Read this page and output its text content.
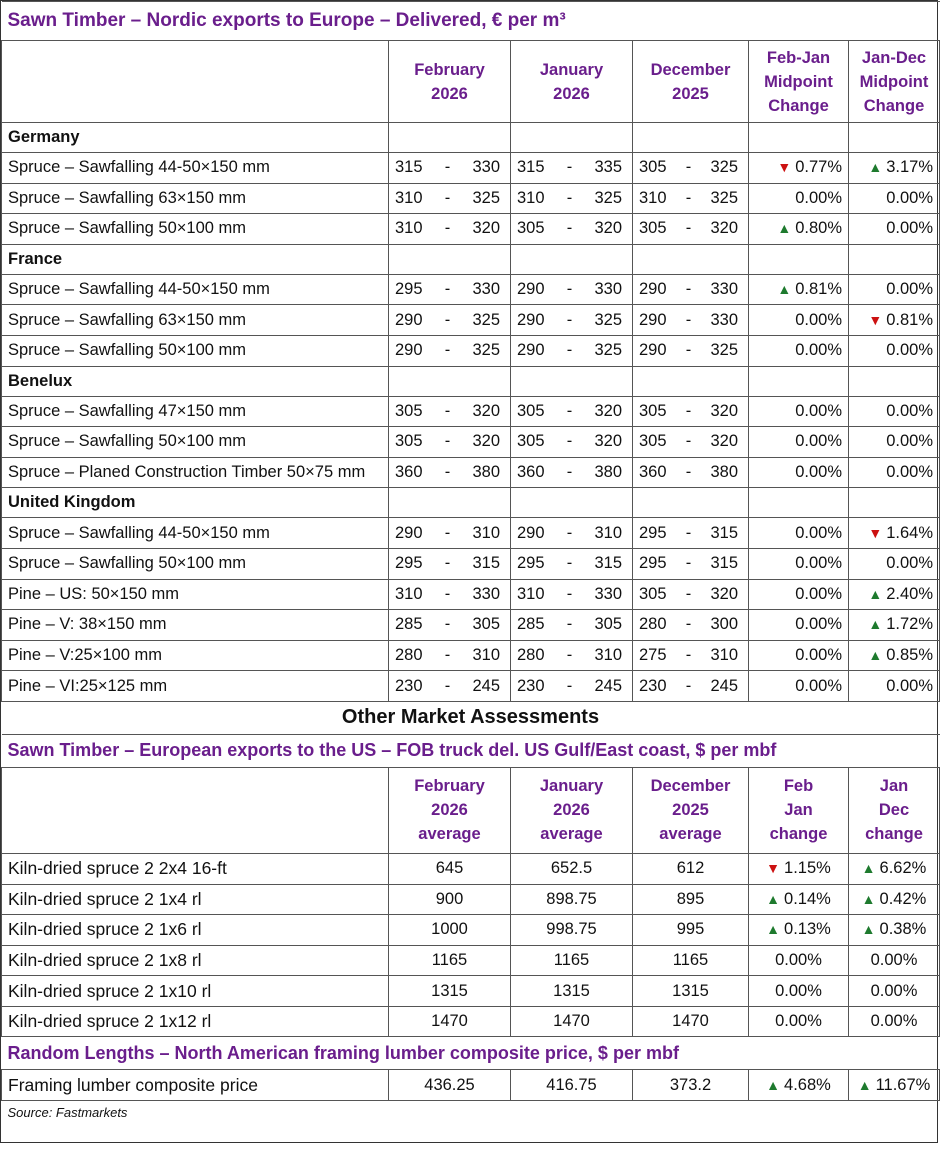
Sawn Timber – Nordic exports to Europe – Delivered, € per m³					

	February
2026	January
2026	December
2025	Feb-Jan
Midpoint
Change	Jan-Dec
Midpoint
Change

Germany					
Spruce – Sawfalling 44-50×150 mm	315 - 330	315 - 335	305 - 325	▼ 0.77%	▲ 3.17%
Spruce – Sawfalling 63×150 mm	310 - 325	310 - 325	310 - 325	0.00%	0.00%
Spruce – Sawfalling 50×100 mm	310 - 320	305 - 320	305 - 320	▲ 0.80%	0.00%
France					
Spruce – Sawfalling 44-50×150 mm	295 - 330	290 - 330	290 - 330	▲ 0.81%	0.00%
Spruce – Sawfalling 63×150 mm	290 - 325	290 - 325	290 - 330	0.00%	▼ 0.81%
Spruce – Sawfalling 50×100 mm	290 - 325	290 - 325	290 - 325	0.00%	0.00%
Benelux					
Spruce – Sawfalling 47×150 mm	305 - 320	305 - 320	305 - 320	0.00%	0.00%
Spruce – Sawfalling 50×100 mm	305 - 320	305 - 320	305 - 320	0.00%	0.00%
Spruce – Planed Construction Timber 50×75 mm	360 - 380	360 - 380	360 - 380	0.00%	0.00%
United Kingdom					
Spruce – Sawfalling 44-50×150 mm	290 - 310	290 - 310	295 - 315	0.00%	▼ 1.64%
Spruce – Sawfalling 50×100 mm	295 - 315	295 - 315	295 - 315	0.00%	0.00%
Pine – US: 50×150 mm	310 - 330	310 - 330	305 - 320	0.00%	▲ 2.40%
Pine – V: 38×150 mm	285 - 305	285 - 305	280 - 300	0.00%	▲ 1.72%
Pine – V:25×100 mm	280 - 310	280 - 310	275 - 310	0.00%	▲ 0.85%
Pine – VI:25×125 mm	230 - 245	230 - 245	230 - 245	0.00%	0.00%
Other Market Assessments					
Sawn Timber – European exports to the US – FOB truck del. US Gulf/East coast, $ per mbf					

	February
2026
average	January
2026
average	December
2025
average	Feb
Jan
change	Jan
Dec
change

Kiln-dried spruce 2 2x4 16-ft	645	652.5	612	▼ 1.15%	▲ 6.62%
Kiln-dried spruce 2 1x4 rl	900	898.75	895	▲ 0.14%	▲ 0.42%
Kiln-dried spruce 2 1x6 rl	1000	998.75	995	▲ 0.13%	▲ 0.38%
Kiln-dried spruce 2 1x8 rl	1165	1165	1165	0.00%	0.00%
Kiln-dried spruce 2 1x10 rl	1315	1315	1315	0.00%	0.00%
Kiln-dried spruce 2 1x12 rl	1470	1470	1470	0.00%	0.00%
Random Lengths – North American framing lumber composite price, $ per mbf					
Framing lumber composite price	436.25	416.75	373.2	▲ 4.68%	▲ 11.67%
Source: Fastmarkets					
